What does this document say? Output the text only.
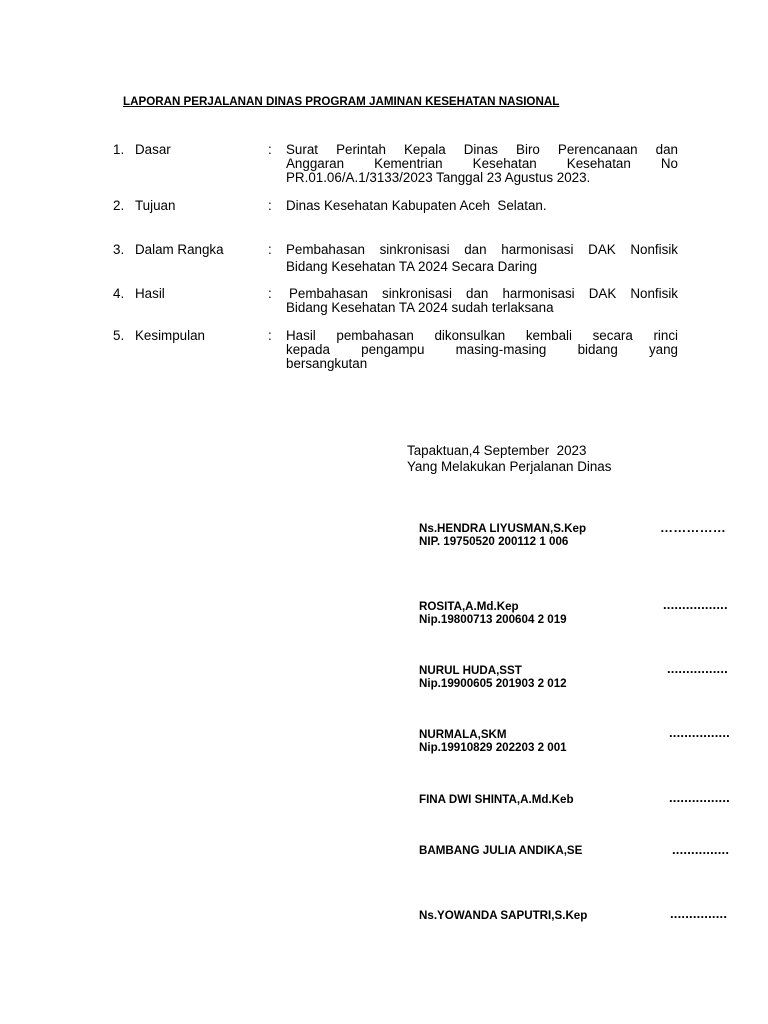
LAPORAN PERJALANAN DINAS PROGRAM JAMINAN KESEHATAN NASIONAL
1. Dasar	: Surat Perintah Kepala Dinas Biro Perencanaan dan
Anggaran Kementrian Kesehatan Kesehatan No
PR.01.06/A.1/3133/2023 Tanggal 23 Agustus 2023.
2. Tujuan	: Dinas Kesehatan Kabupaten Aceh  Selatan.
3. Dalam Rangka	: Pembahasan sinkronisasi dan harmonisasi DAK Nonfisik
Bidang Kesehatan TA 2024 Secara Daring
4. Hasil	: Pembahasan sinkronisasi dan harmonisasi DAK Nonfisik
Bidang Kesehatan TA 2024 sudah terlaksana
5. Kesimpulan	: Hasil pembahasan dikonsulkan kembali secara rinci
kepada pengampu masing-masing bidang yang
bersangkutan
Tapaktuan,4 September  2023
Yang Melakukan Perjalanan Dinas
Ns.HENDRA LIYUSMAN,S.Kep
NIP. 19750520 200112 1 006
……………
ROSITA,A.Md.Kep
Nip.19800713 200604 2 019
.................
NURUL HUDA,SST
Nip.19900605 201903 2 012
................
NURMALA,SKM
Nip.19910829 202203 2 001
................
FINA DWI SHINTA,A.Md.Keb	................
BAMBANG JULIA ANDIKA,SE	...............
Ns.YOWANDA SAPUTRI,S.Kep	...............
